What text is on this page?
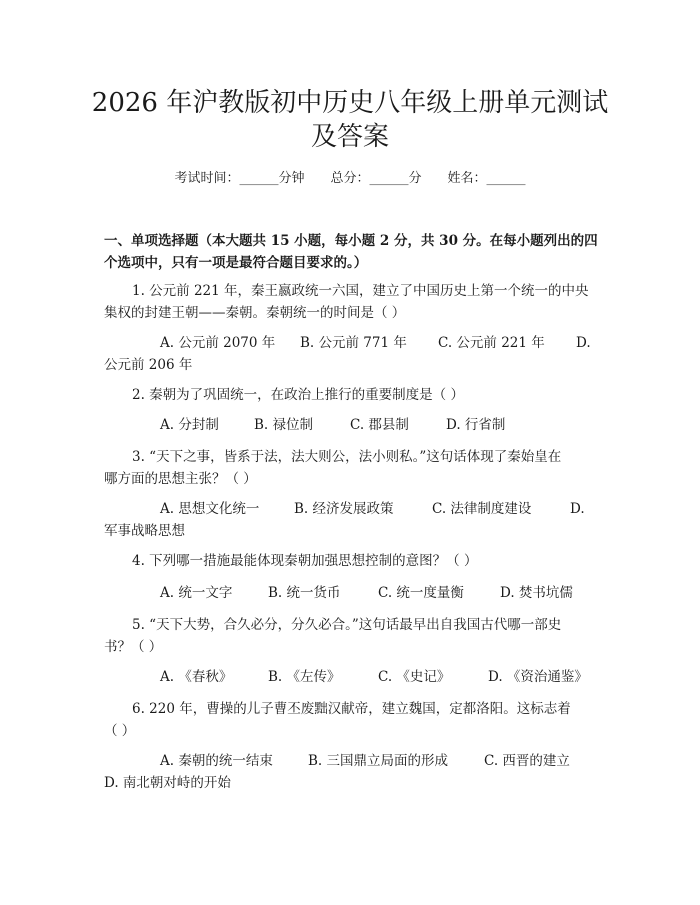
2026 年沪教版初中历史八年级上册单元测试
及答案
考试时间：______分钟 总分：______分 姓名：______
一、单项选择题（本大题共 15 小题，每小题 2 分，共 30 分。在每小题列出的四
个选项中，只有一项是最符合题目要求的。）
1. 公元前 221 年，秦王嬴政统一六国，建立了中国历史上第一个统一的中央
集权的封建王朝——秦朝。秦朝统一的时间是（ ）
A. 公元前 2070 年 B. 公元前 771 年 C. 公元前 221 年 D.
公元前 206 年
2. 秦朝为了巩固统一，在政治上推行的重要制度是（ ）
A. 分封制	B. 禄位制	C. 郡县制	D. 行省制
3. “天下之事，皆系于法，法大则公，法小则私。”这句话体现了秦始皇在
哪方面的思想主张？（ ）
A. 思想文化统一	B. 经济发展政策	C. 法律制度建设	D.
军事战略思想
4. 下列哪一措施最能体现秦朝加强思想控制的意图？（ ）
A. 统一文字	B. 统一货币	C. 统一度量衡	D. 焚书坑儒
5. “天下大势，合久必分，分久必合。”这句话最早出自我国古代哪一部史
书？（ ）
A. 《春秋》	B. 《左传》	C. 《史记》	D. 《资治通鉴》
6. 220 年，曹操的儿子曹丕废黜汉献帝，建立魏国，定都洛阳。这标志着
（ ）
A. 秦朝的统一结束	B. 三国鼎立局面的形成	C. 西晋的建立
D. 南北朝对峙的开始
